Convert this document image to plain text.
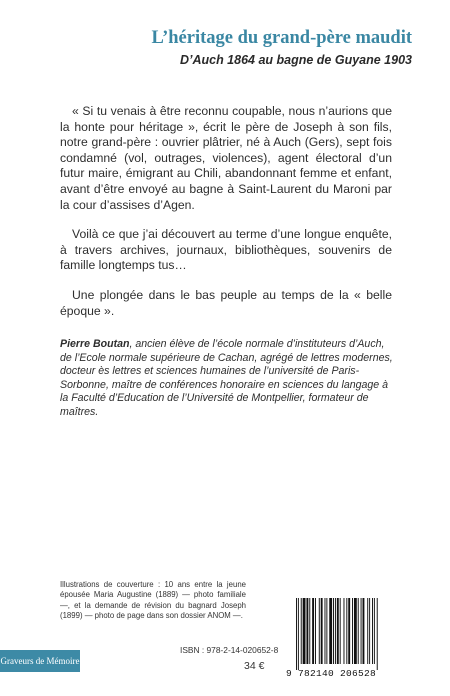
L’héritage du grand-père maudit
D’Auch 1864 au bagne de Guyane 1903

« Si tu venais à être reconnu coupable, nous n’aurions que la honte pour héritage », écrit le père de Joseph à son fils, notre grand-père : ouvrier plâtrier, né à Auch (Gers), sept fois condamné (vol, outrages, violences), agent électoral d’un futur maire, émigrant au Chili, abandonnant femme et enfant, avant d’être envoyé au bagne à Saint-Laurent du Maroni par la cour d’assises d’Agen.

Voilà ce que j’ai découvert au terme d’une longue enquête, à travers archives, journaux, bibliothèques, souvenirs de famille longtemps tus…

Une plongée dans le bas peuple au temps de la « belle époque ».

Pierre Boutan, ancien élève de l’école normale d’instituteurs d’Auch, de l’Ecole normale supérieure de Cachan, agrégé de lettres modernes, docteur ès lettres et sciences humaines de l’université de Paris-Sorbonne, maître de conférences honoraire en sciences du langage à la Faculté d’Education de l’Université de Montpellier, formateur de maîtres.
Illustrations de couverture : 10 ans entre la jeune épousée Maria Augustine (1889) — photo familiale —, et la demande de révision du bagnard Joseph (1899) — photo de page dans son dossier ANOM —.
Graveurs de Mémoire
ISBN : 978-2-14-020652-8
34 €
9 782140 206528
